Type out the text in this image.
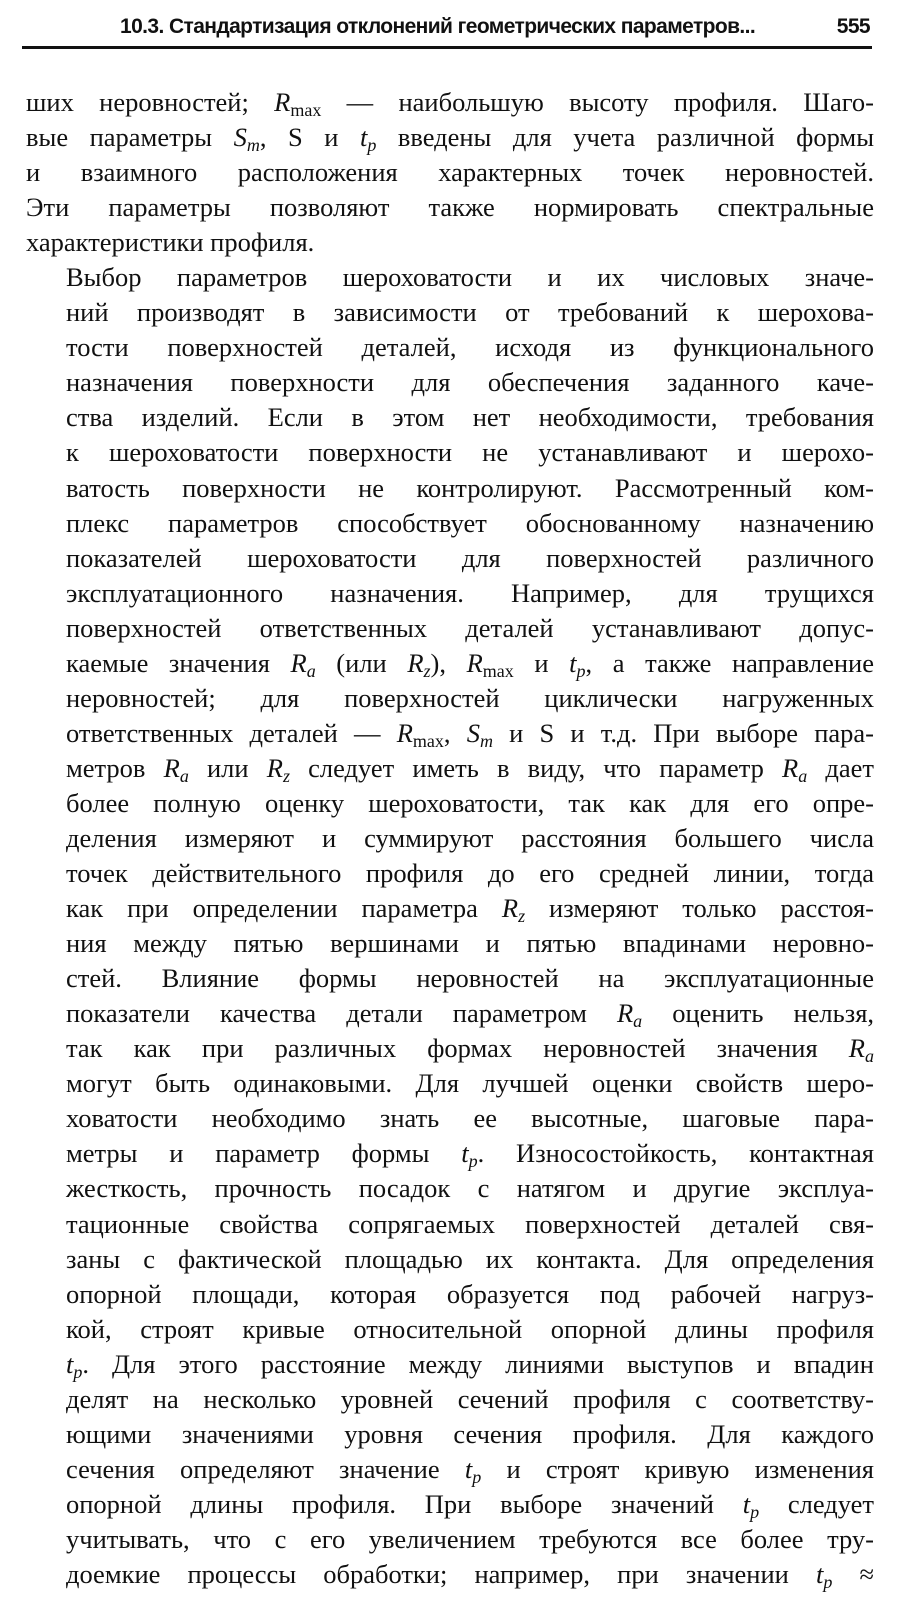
10.3. Стандартизация отклонений геометрических параметров...	555

ших неровностей; $R_{max}$ — наибольшую высоту профиля. Шаго-
вые параметры $S_m$, S и $t_p$ введены для учета различной формы
и взаимного расположения характерных точек неровностей.
Эти параметры позволяют также нормировать спектральные
характеристики профиля.

Выбор параметров шероховатости и их числовых значе-
ний производят в зависимости от требований к шерохова-
тости поверхностей деталей, исходя из функционального
назначения поверхности для обеспечения заданного каче-
ства изделий. Если в этом нет необходимости, требования
к шероховатости поверхности не устанавливают и шерохо-
ватость поверхности не контролируют. Рассмотренный ком-
плекс параметров способствует обоснованному назначению
показателей шероховатости для поверхностей различного
эксплуатационного назначения. Например, для трущихся
поверхностей ответственных деталей устанавливают допус-
каемые значения $R_a$ (или $R_z$), $R_{max}$ и $t_p$, а также направление
неровностей; для поверхностей циклически нагруженных
ответственных деталей — $R_{max}$, $S_m$ и S и т.д. При выборе пара-
метров $R_a$ или $R_z$ следует иметь в виду, что параметр $R_a$ дает
более полную оценку шероховатости, так как для его опре-
деления измеряют и суммируют расстояния большего числа
точек действительного профиля до его средней линии, тогда
как при определении параметра $R_z$ измеряют только расстоя-
ния между пятью вершинами и пятью впадинами неровно-
стей. Влияние формы неровностей на эксплуатационные
показатели качества детали параметром $R_a$ оценить нельзя,
так как при различных формах неровностей значения $R_a$
могут быть одинаковыми. Для лучшей оценки свойств шеро-
ховатости необходимо знать ее высотные, шаговые пара-
метры и параметр формы $t_p$. Износостойкость, контактная
жесткость, прочность посадок с натягом и другие эксплуа-
тационные свойства сопрягаемых поверхностей деталей свя-
заны с фактической площадью их контакта. Для определения
опорной площади, которая образуется под рабочей нагруз-
кой, строят кривые относительной опорной длины профиля
$t_p$. Для этого расстояние между линиями выступов и впадин
делят на несколько уровней сечений профиля с соответству-
ющими значениями уровня сечения профиля. Для каждого
сечения определяют значение $t_p$ и строят кривую изменения
опорной длины профиля. При выборе значений $t_p$ следует
учитывать, что с его увеличением требуются все более тру-
доемкие процессы обработки; например, при значении $t_p$ ≈
